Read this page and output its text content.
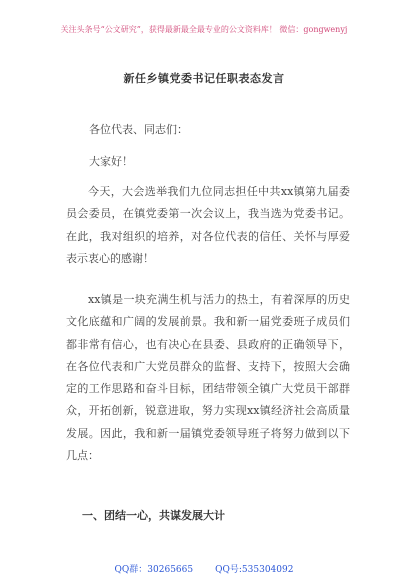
关注头条号“公文研究”，获得最新最全最专业的公文资料库！ 微信：gongwenyj
新任乡镇党委书记任职表态发言
各位代表、同志们：
大家好！

今天，大会选举我们九位同志担任中共xx镇第九届委员会委员，在镇党委第一次会议上，我当选为党委书记。在此，我对组织的培养，对各位代表的信任、关怀与厚爱表示衷心的感谢！

xx镇是一块充满生机与活力的热土，有着深厚的历史文化底蕴和广阔的发展前景。我和新一届党委班子成员们都非常有信心，也有决心在县委、县政府的正确领导下，在各位代表和广大党员群众的监督、支持下，按照大会确定的工作思路和奋斗目标，团结带领全镇广大党员干部群众，开拓创新，锐意进取，努力实现xx镇经济社会高质量发展。因此，我和新一届镇党委领导班子将努力做到以下几点：

一、团结一心，共谋发展大计
QQ群：30265665 QQ号:535304092
